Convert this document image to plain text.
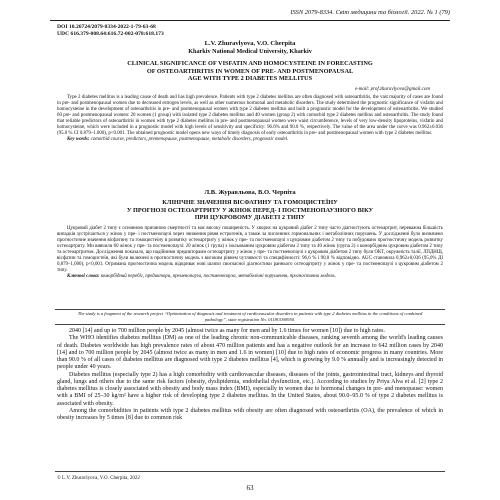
ISSN 2079-8334. Світ медицини та біології. 2022. № 1 (79)
DOI 10.26724/2079-8334-2022-1-79-63-68
UDC 616.379-008.64:616.72-002-078:618.173
L.V. Zhuravlyova, V.O. Cherpita
Kharkiv National Medical University, Kharkiv
CLINICAL SIGNIFICANCE OF VISFATIN AND HOMOCYSTEINE IN FORECASTING
OF OSTEOARTHRITIS IN WOMEN OF PRE- AND POSTMENOPAUSAL
AGE WITH TYPE 2 DIABETES MELLITUS
e-mail: prof.zhuravlyova@gmail.com

Type 2 diabetes mellitus is a leading cause of death and has high prevalence. Patients with type 2 diabetes mellitus are often diagnosed with osteoarthritis, the vast majority of cases are found in pre- and postmenopausal women due to decreased estrogen levels, as well as other numerous hormonal and metabolic disorders. The study determined the prognostic significance of visfatin and homocysteine in the development of osteoarthritis in pre- and postmenopausal women with type 2 diabetes mellitus and built a prognostic model for the development of osteoarthritis. We studied 60 pre- and postmenopausal women: 20 women (1 group) with isolated type 2 diabetes mellitus and 40 women (group 2) with comorbid type 2 diabetes mellitus and osteoarthritis. The study found that reliable predictors of osteoarthritis in women with type 2 diabetes mellitus in pre- and postmenopausal women were waist circumference, levels of very low-density lipoproteins, visfatin and homocysteine, which were included in a prognostic model with high levels of sensitivity and specificity: 96.6% and 90.0 %, respectively. The value of the area under the curve was 0.962±0.036 (95.0 % CI 0.879–1.000), p<0.001. The obtained prognostic model opens new ways of timely diagnosis of early osteoarthritis in pre- and postmenopausal women with type 2 diabetes mellitus.

Key words: comorbid course, predictors, premenopause, postmenopause, metabolic disorders, prognostic model.

Л.В. Журавльова, В.О. Черпіта
КЛІНІЧНЕ ЗНАЧЕННЯ ВІСФАТИНУ ТА ГОМОЦИСТЕЇНУ
У ПРОГНОЗІ ОСТЕОАРТРИТУ У ЖІНОК ПЕРЕД- І ПОСТМЕНОПАУЗНОГО ВІКУ
ПРИ ЦУКРОВОМУ ДІАБЕТІ 2 ТИПУ

Цукровий діабет 2 типу є основною причиною смертності та має високу поширеність. У хворих на цукровий діабет 2 типу часто діагностують остеоартрит, переважна більшість випадків зустрічається у жінок у пре- і постменопаузі через зниження рівня естрогенів, а також за численних гормональних і метаболічних порушень. У дослідженні було визначено прогностичне значення вісфатину та гомоцистеїну в розвитку остеоартриту у жінок у пре- та постменопаузі з цукровим діабетом 2 типу та побудовано прогностичну модель розвитку остеоартриту. Ми вивчили 60 жінок у пре- та постменопаузі: 20 жінок (1 група) з ізольованим цукровим діабетом 2 типу та 40 жінок (група 2) з коморбідним цукровим діабетом 2 типу та остеоартритом. Дослідження показало, що надійними предикторами остеоартриту у жінок у пре- та постменопаузі з цукровим діабетом 2 типу були ОКТ, окружність талії, ЛПДНЩ, вісфатин та гомоцистеїн, які були включені в прогностичну модель з високим рівнем чутливості та специфічності: 96,6 % і 90,0 % відповідно. AUC становила 0,962±0,036 (95,0% ДІ 0,879–1,000), p<0,001. Отримана прогностична модель відкриває нові шляхи своєчасної діагностики раннього остеоартриту у жінок у пре- та постменопаузі з цукровим діабетом 2 типу.

Ключові слова: коморбідний перебіг, предиктори, пременопауза, постменопауза, метаболічні порушення, прогностична модель.

The study is a fragment of the research project “Optimization of diagnosis and treatment of cardiovascular disorders in patients with type 2 diabetes mellitus in the conditions of combined pathology”, state registration No. 0118U000950.

2040 [14] and up to 700 million people by 2045 (almost twice as many for men and by 1.6 times for women [10]) due to high rates.

The WHO identifies diabetes mellitus (DM) as one of the leading chronic non-communicable diseases, ranking seventh among the world's leading causes of death. Diabetes worldwide has high prevalence rates of about 470 million patients and has a negative outlook for an increase to 642 million cases by 2040 [14] and to 700 million people by 2045 (almost twice as many in men and 1.6 in women) [10] due to high rates of economic progress in many countries. More than 90.0 % of all cases of diabetes mellitus are diagnosed with type 2 diabetes mellitus [4], which is growing by 9.0 % annually and is increasingly detected in people under 40 years.

Diabetes mellitus (especially type 2) has a high comorbidity with cardiovascular diseases, diseases of the joints, gastrointestinal tract, kidneys and thyroid gland, lungs and others due to the same risk factors (obesity, dyslipidemia, endothelial dysfunction, etc.). According to studies by Priya Alva et al. [2] type 2 diabetes mellitus is closely associated with obesity and body mass index (BMI), especially in women due to hormonal changes in pre- and menopause: women with a BMI of 25–30 kg/m² have a higher risk of developing type 2 diabetes mellitus. In the United States, about 90.0–95.0 % of type 2 diabetes mellitus is associated with obesity.

Among the comorbidities in patients with type 2 diabetes mellitus with obesity are often diagnosed with osteoarthritis (OA), the prevalence of which in obesity increases by 5 times [8] due to common risk

© L.V. Zhuravlyova, V.O. Cherpita, 2022
63
